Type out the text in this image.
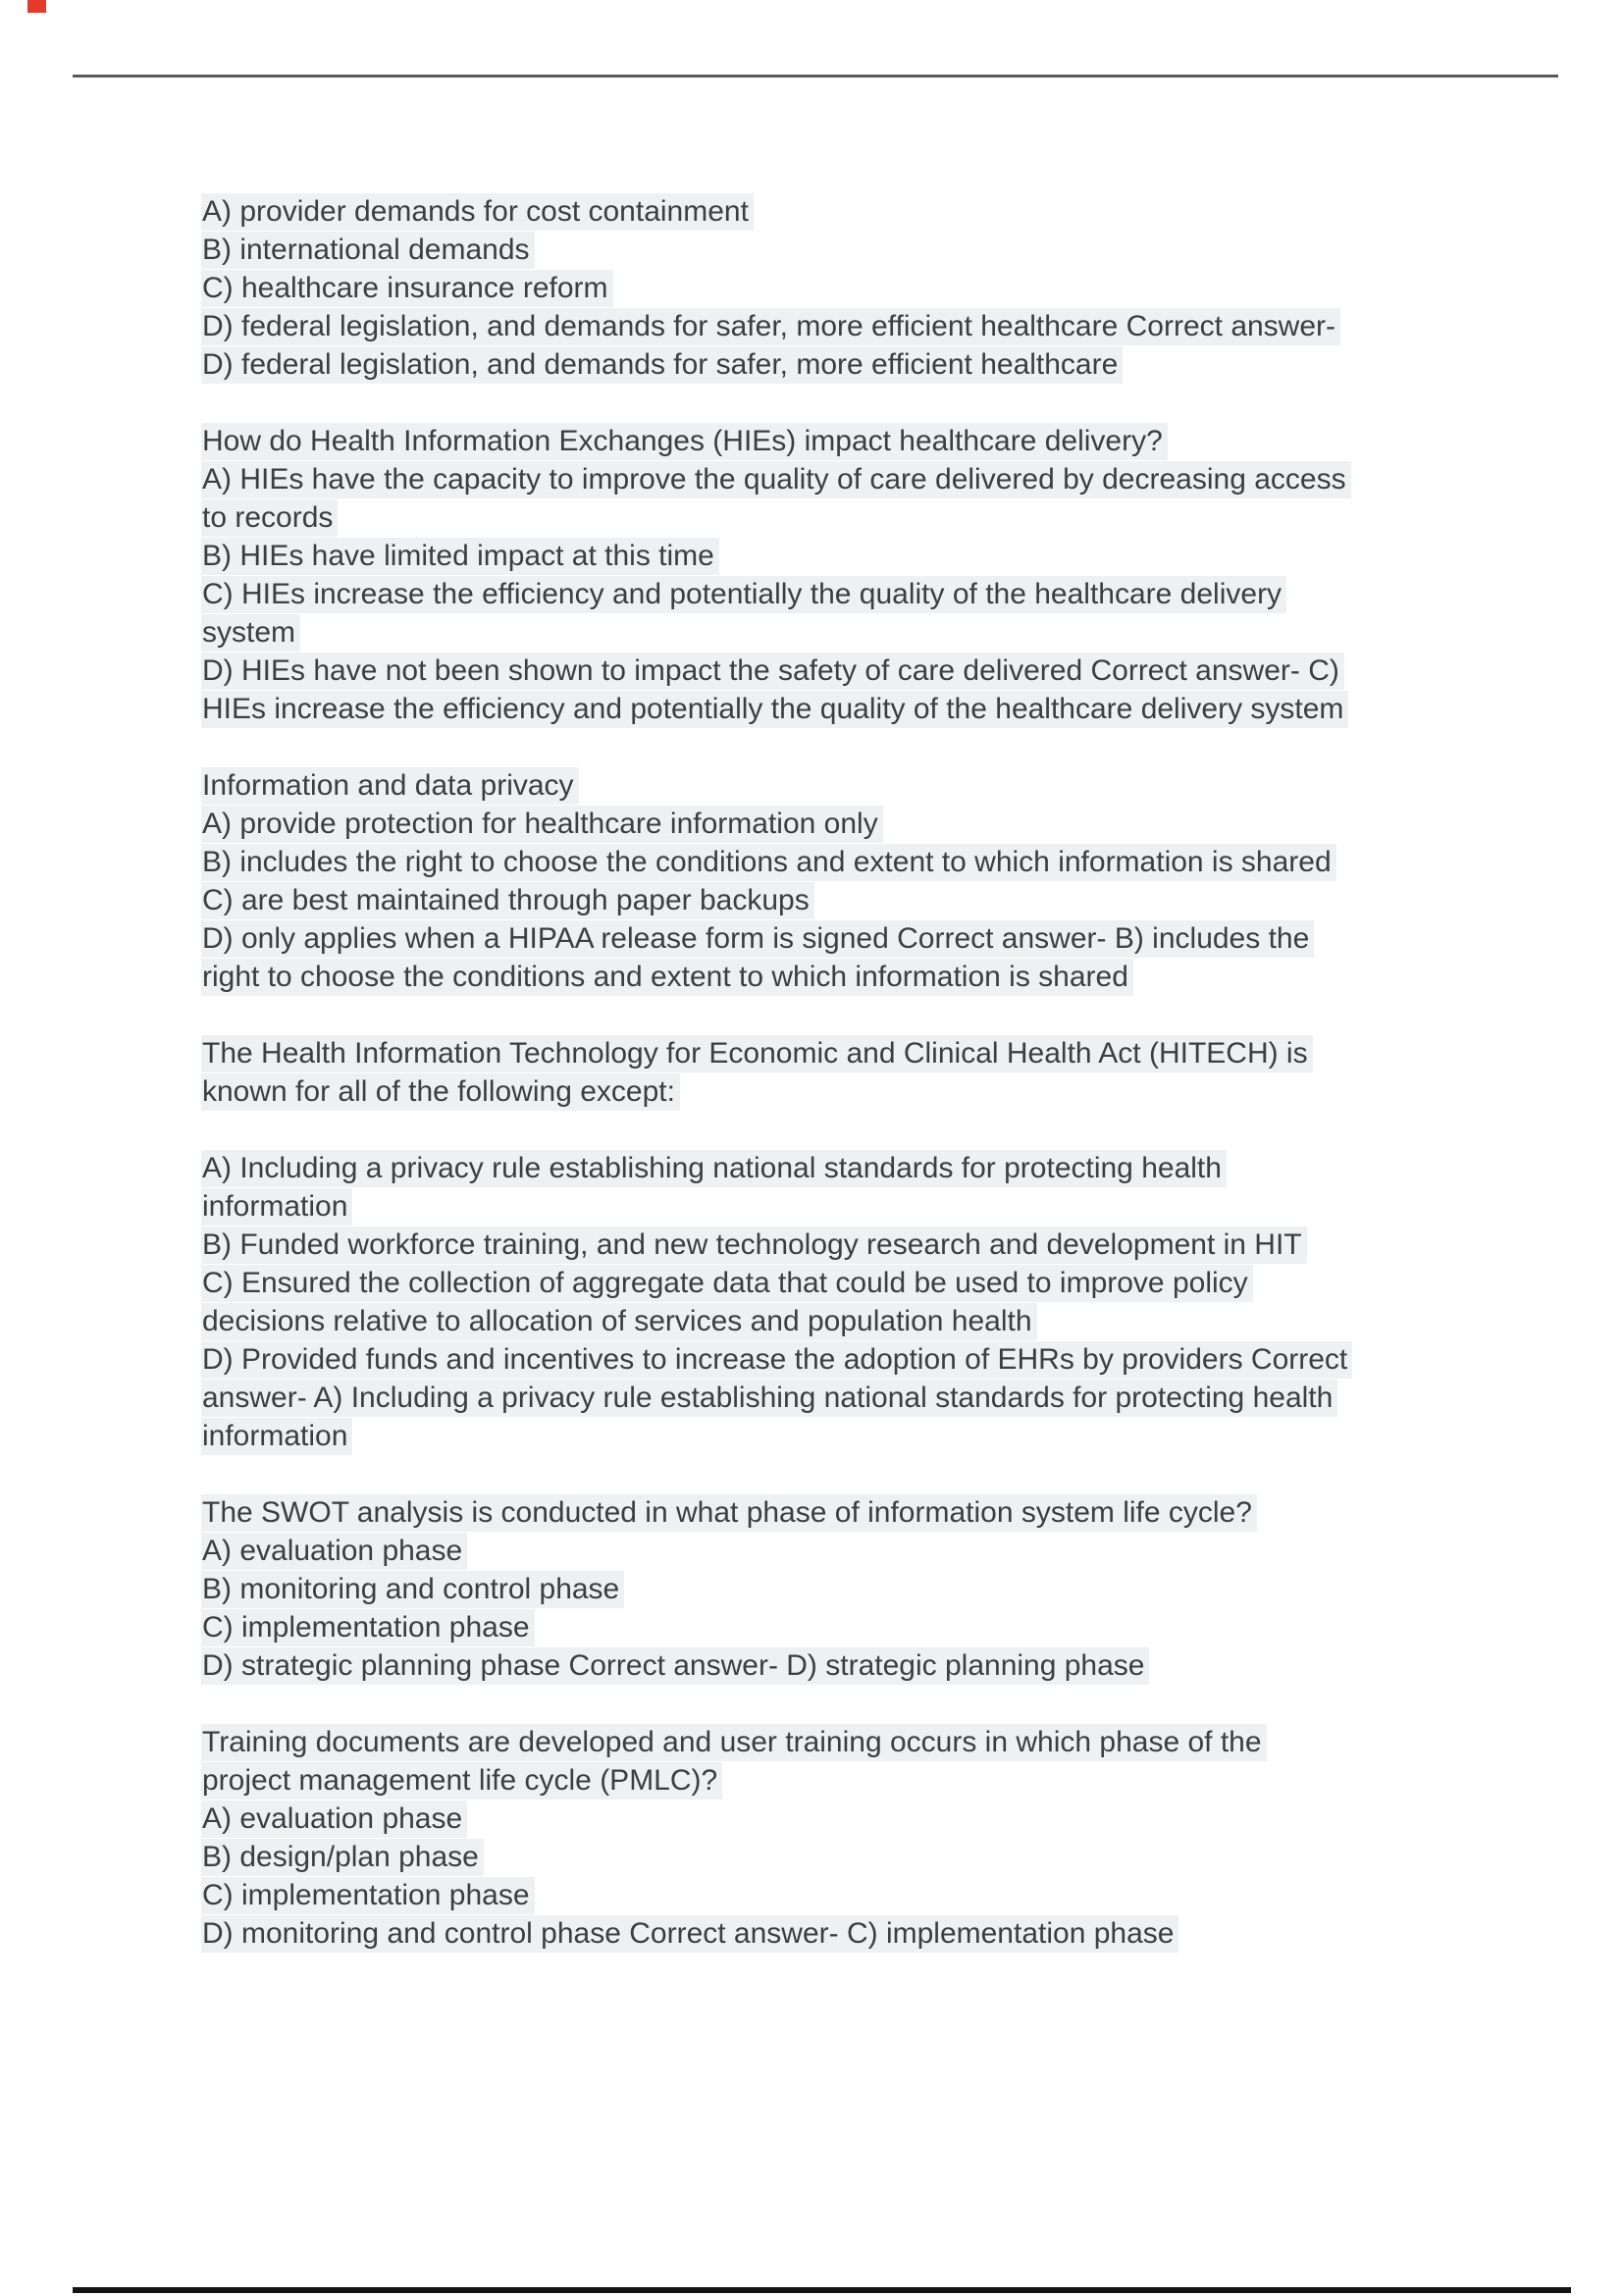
A) provider demands for cost containment
B) international demands
C) healthcare insurance reform
D) federal legislation, and demands for safer, more efficient healthcare Correct answer-
D) federal legislation, and demands for safer, more efficient healthcare
How do Health Information Exchanges (HIEs) impact healthcare delivery?
A) HIEs have the capacity to improve the quality of care delivered by decreasing access
to records
B) HIEs have limited impact at this time
C) HIEs increase the efficiency and potentially the quality of the healthcare delivery
system
D) HIEs have not been shown to impact the safety of care delivered Correct answer- C)
HIEs increase the efficiency and potentially the quality of the healthcare delivery system
Information and data privacy
A) provide protection for healthcare information only
B) includes the right to choose the conditions and extent to which information is shared
C) are best maintained through paper backups
D) only applies when a HIPAA release form is signed Correct answer- B) includes the
right to choose the conditions and extent to which information is shared
The Health Information Technology for Economic and Clinical Health Act (HITECH) is
known for all of the following except:
A) Including a privacy rule establishing national standards for protecting health
information
B) Funded workforce training, and new technology research and development in HIT
C) Ensured the collection of aggregate data that could be used to improve policy
decisions relative to allocation of services and population health
D) Provided funds and incentives to increase the adoption of EHRs by providers Correct
answer- A) Including a privacy rule establishing national standards for protecting health
information
The SWOT analysis is conducted in what phase of information system life cycle?
A) evaluation phase
B) monitoring and control phase
C) implementation phase
D) strategic planning phase Correct answer- D) strategic planning phase
Training documents are developed and user training occurs in which phase of the
project management life cycle (PMLC)?
A) evaluation phase
B) design/plan phase
C) implementation phase
D) monitoring and control phase Correct answer- C) implementation phase
